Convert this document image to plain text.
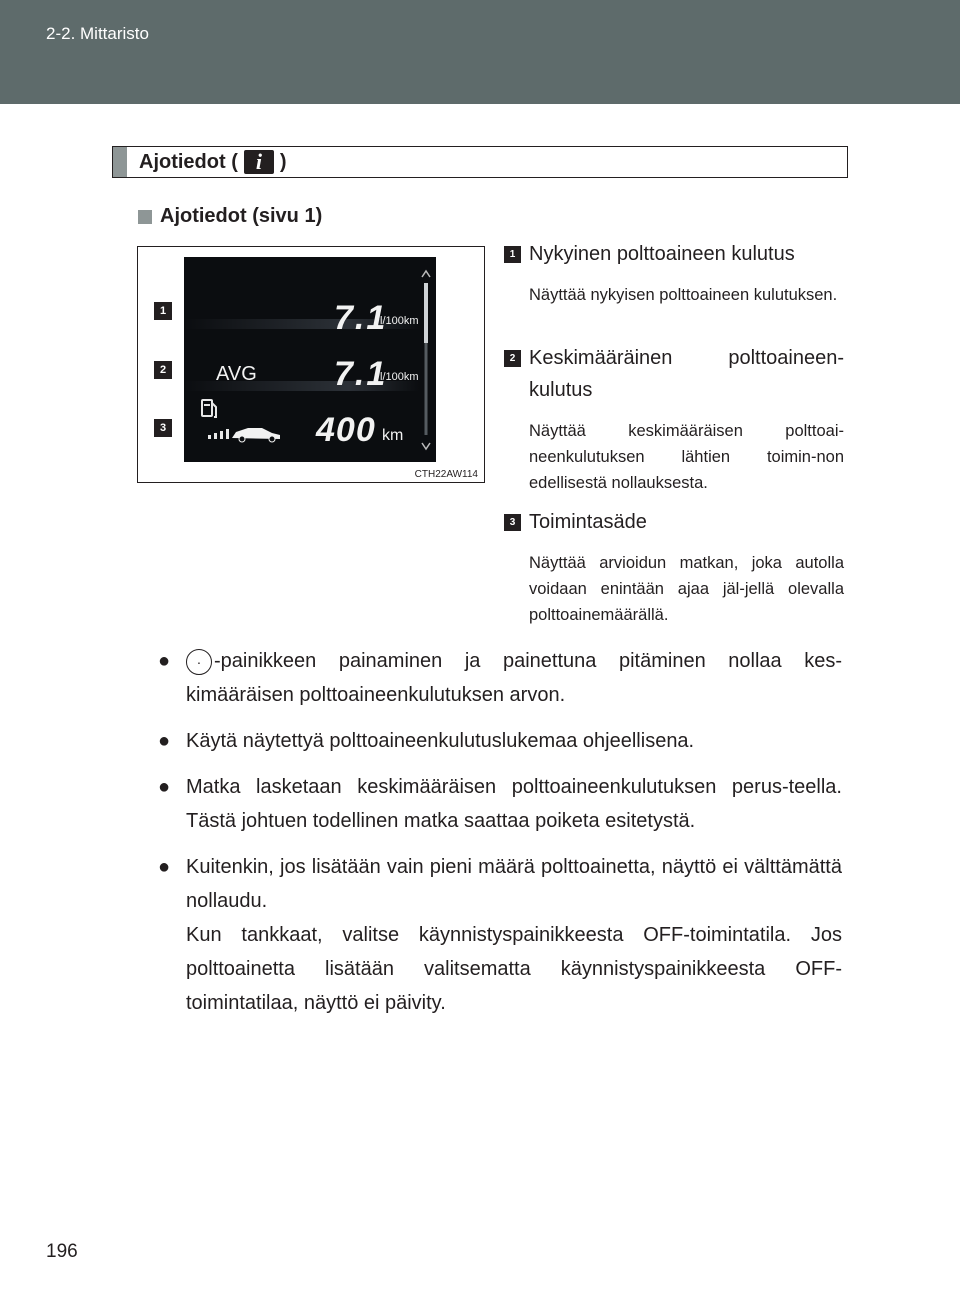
2-2. Mittaristo
Ajotiedot ( i )
Ajotiedot (sivu 1)
1
2
3
7.1
l/100km
AVG 7.1
l/100km
400 km
CTH22AW114
1 Nykyinen polttoaineen kulutus
Näyttää nykyisen polttoaineen kulutuksen.
2 Keskimääräinen polttoaineen-kulutus
Näyttää keskimääräisen polttoai-neenkulutuksen lähtien toimin-non edellisestä nollauksesta.
3 Toimintasäde
Näyttää arvioidun matkan, joka autolla voidaan enintään ajaa jäl-jellä olevalla polttoainemäärällä.
●	· -painikkeen painaminen ja painettuna pitäminen nollaa kes-kimääräisen polttoaineenkulutuksen arvon.
● Käytä näytettyä polttoaineenkulutuslukemaa ohjeellisena.
● Matka lasketaan keskimääräisen polttoaineenkulutuksen perus-teella. Tästä johtuen todellinen matka saattaa poiketa esitetystä.
● Kuitenkin, jos lisätään vain pieni määrä polttoainetta, näyttö ei välttämättä nollaudu.

Kun tankkaat, valitse käynnistyspainikkeesta OFF-toimintatila. Jos polttoainetta lisätään valitsematta käynnistyspainikkeesta OFF-toimintatilaa, näyttö ei päivity.

196
